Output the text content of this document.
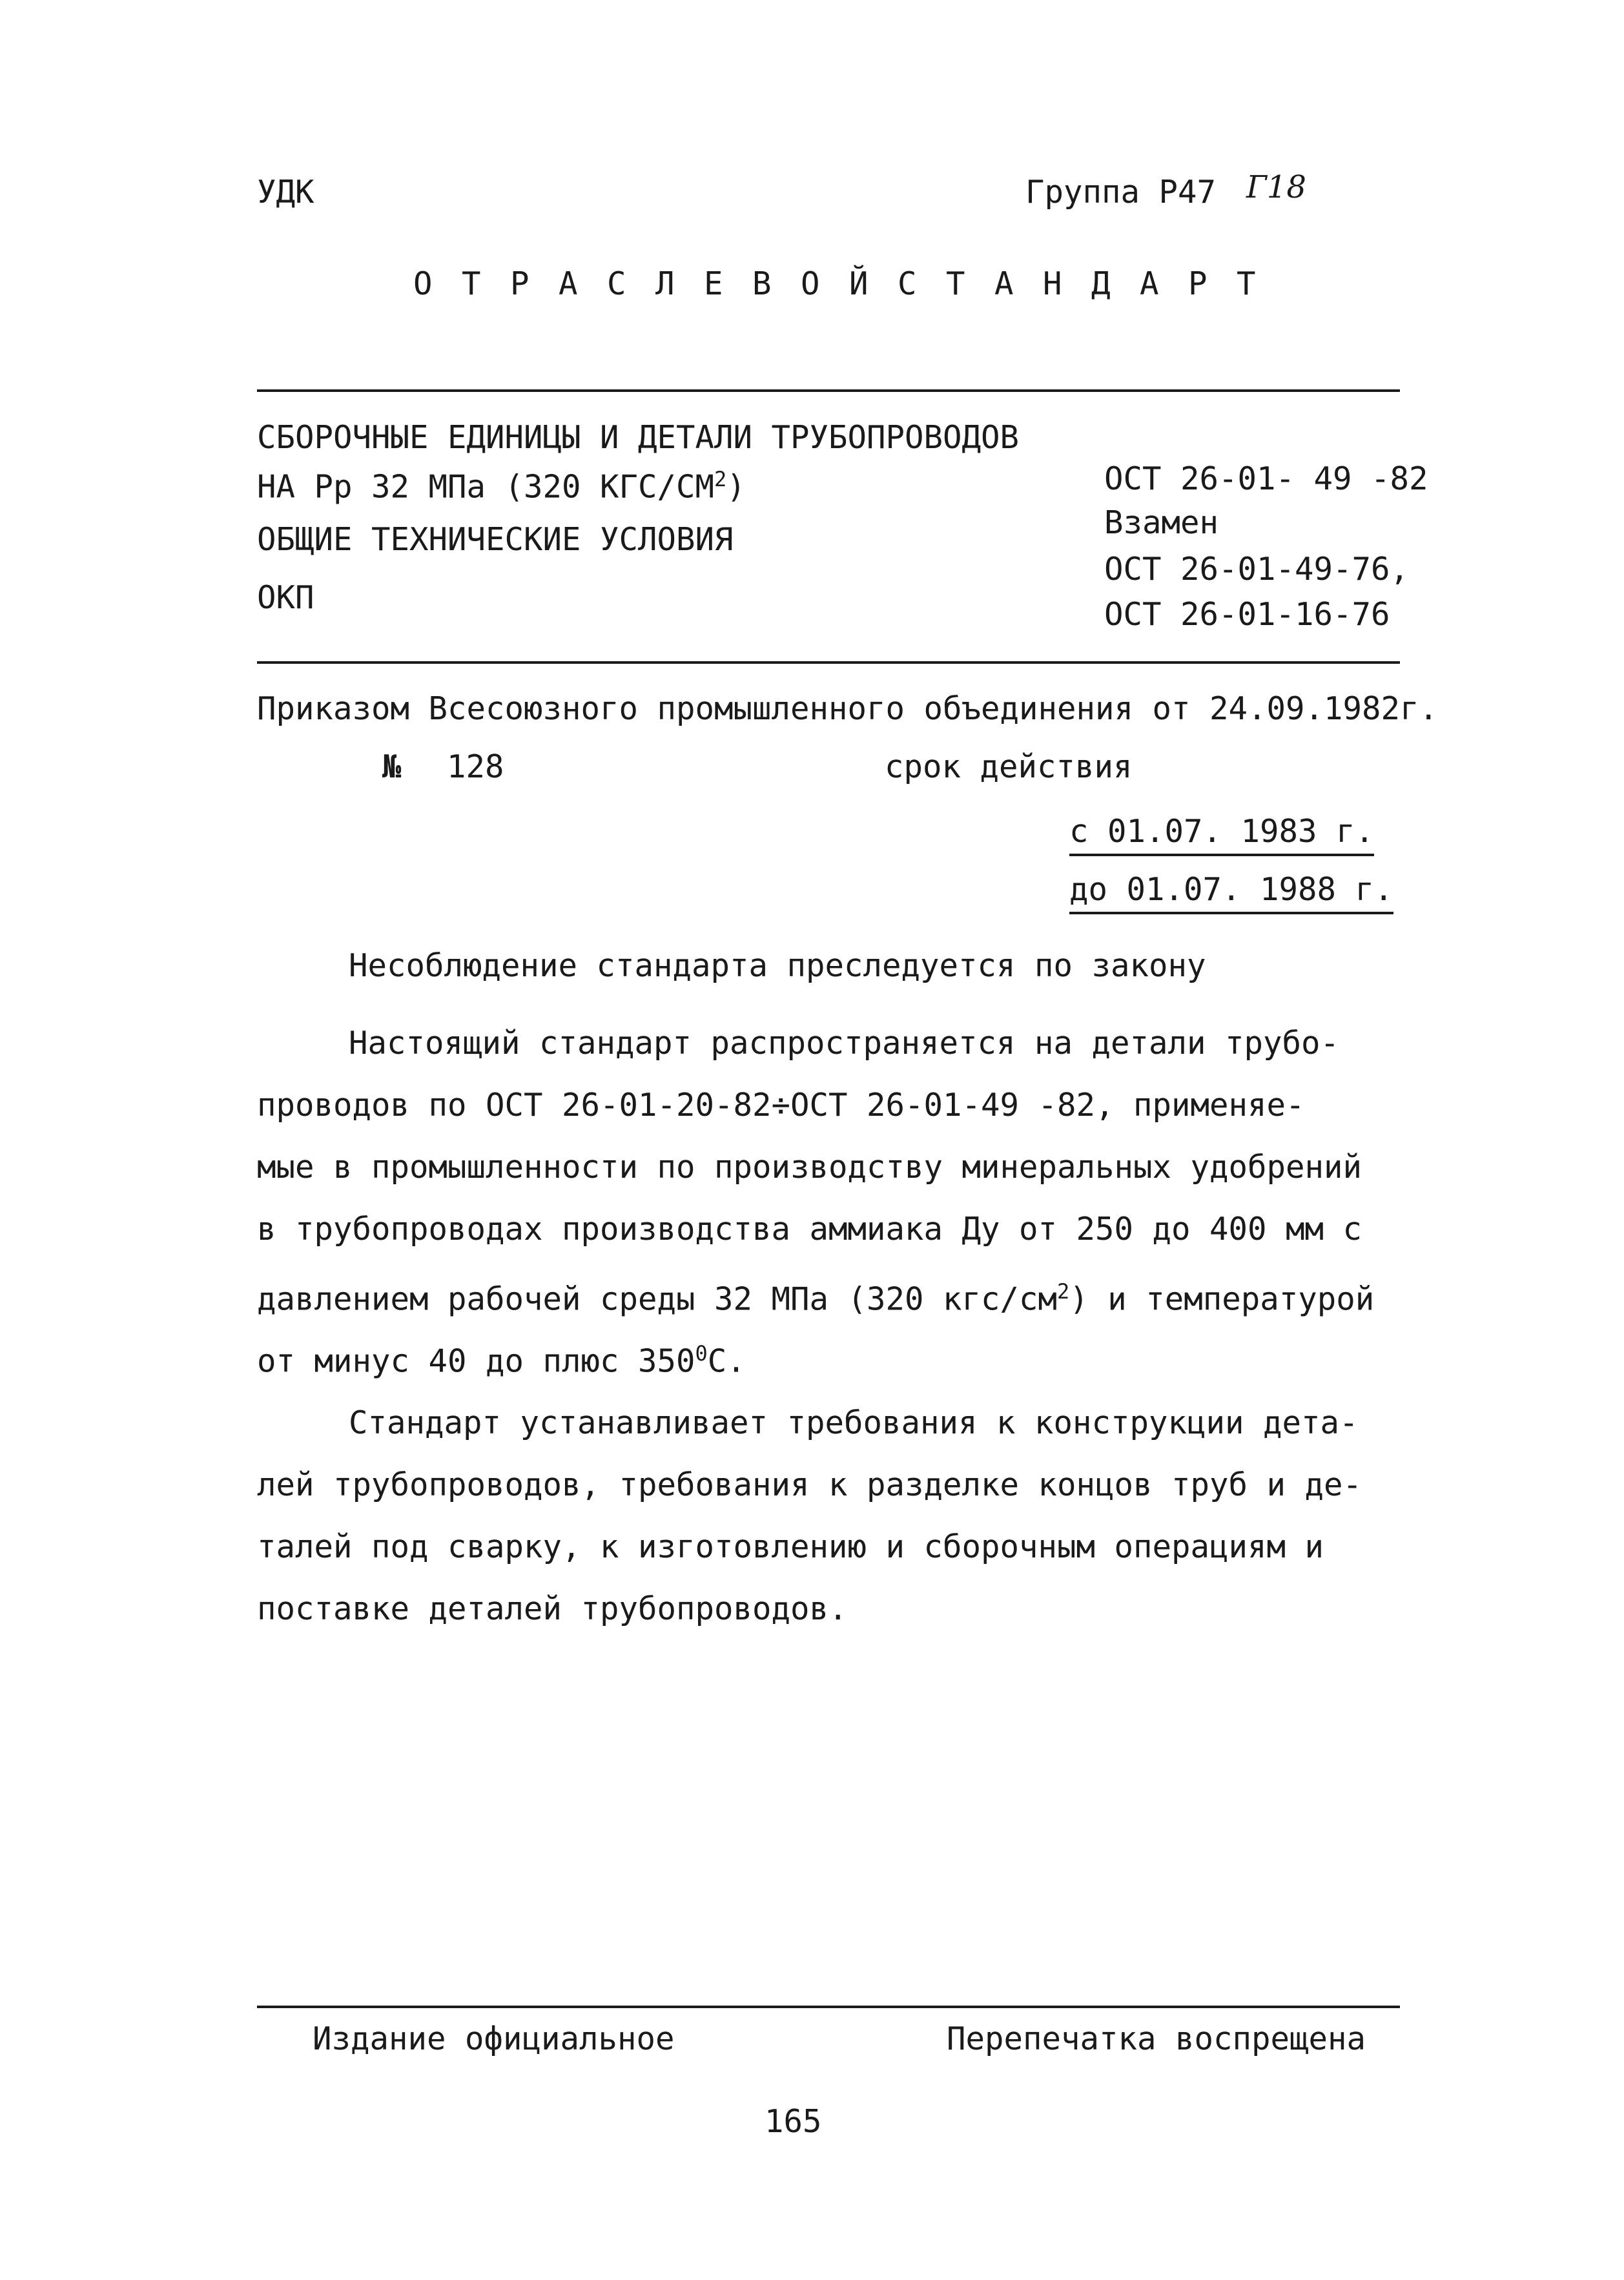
УДК	Группа Р47 Г18
О Т Р А С Л Е В О Й С Т А Н Д А Р Т
СБОРОЧНЫЕ ЕДИНИЦЫ И ДЕТАЛИ ТРУБОПРОВОДОВ
НА Рр 32 МПа (320 КГС/$СМ^2$)
ОБЩИЕ ТЕХНИЧЕСКИЕ УСЛОВИЯ
ОКП
ОСТ 26-01- 49 -82
Взамен
ОСТ 26-01-49-76,
ОСТ 26-01-16-76
Приказом Всесоюзного промышленного объединения от 24.09.1982г.
№ 128	срок действия
с 01.07. 1983 г.
до 01.07. 1988 г.
Несоблюдение стандарта преследуется по закону
Настоящий стандарт распространяется на детали трубо-
проводов по ОСТ 26-01-20-82÷ОСТ 26-01-49 -82, применяе-
мые в промышленности по производству минеральных удобрений
в трубопроводах производства аммиака Ду от 250 до 400 мм с
давлением рабочей среды 32 МПа (320 кгс/$см^2$) и температурой
от минус 40 до плюс $350^0С$.
Стандарт устанавливает требования к конструкции дета-
лей трубопроводов, требования к разделке концов труб и де-
талей под сварку, к изготовлению и сборочным операциям и
поставке деталей трубопроводов.
Издание официальное	Перепечатка воспрещена
165
